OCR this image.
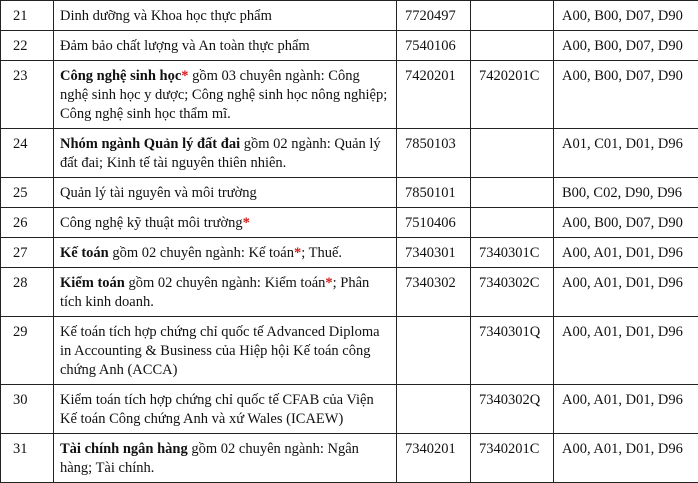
21	Dinh dưỡng và Khoa học thực phẩm	7720497		A00, B00, D07, D90
22	Đảm bảo chất lượng và An toàn thực phẩm	7540106		A00, B00, D07, D90
23	Công nghệ sinh học* gồm 03 chuyên ngành: Công nghệ sinh học y dược; Công nghệ sinh học nông nghiệp; Công nghệ sinh học thẩm mĩ.	7420201	7420201C	A00, B00, D07, D90
24	Nhóm ngành Quản lý đất đai gồm 02 ngành: Quản lý đất đai; Kinh tế tài nguyên thiên nhiên.	7850103		A01, C01, D01, D96
25	Quản lý tài nguyên và môi trường	7850101		B00, C02, D90, D96
26	Công nghệ kỹ thuật môi trường*	7510406		A00, B00, D07, D90
27	Kế toán gồm 02 chuyên ngành: Kế toán*; Thuế.	7340301	7340301C	A00, A01, D01, D96
28	Kiểm toán gồm 02 chuyên ngành: Kiểm toán*; Phân tích kinh doanh.	7340302	7340302C	A00, A01, D01, D96
29	Kế toán tích hợp chứng chỉ quốc tế Advanced Diploma in Accounting & Business của Hiệp hội Kế toán công chứng Anh (ACCA)		7340301Q	A00, A01, D01, D96
30	Kiểm toán tích hợp chứng chỉ quốc tế CFAB của Viện Kế toán Công chứng Anh và xứ Wales (ICAEW)		7340302Q	A00, A01, D01, D96
31	Tài chính ngân hàng gồm 02 chuyên ngành: Ngân hàng; Tài chính.	7340201	7340201C	A00, A01, D01, D96
